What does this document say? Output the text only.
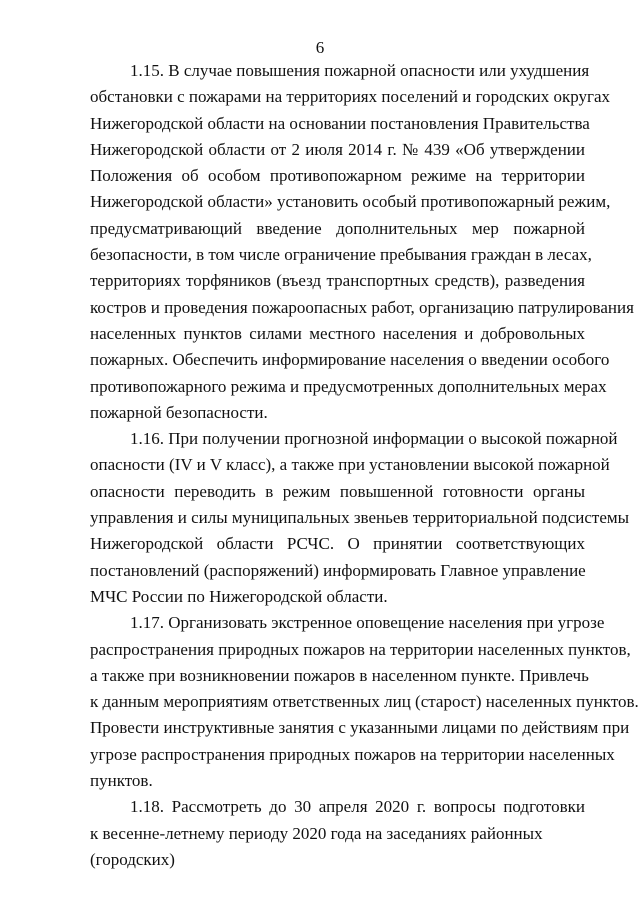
6
1.15. В случае повышения пожарной опасности или ухудшения
обстановки с пожарами на территориях поселений и городских округах
Нижегородской области на основании постановления Правительства
Нижегородской области от 2 июля 2014 г. № 439 «Об утверждении
Положения об особом противопожарном режиме на территории
Нижегородской области» установить особый противопожарный режим,
предусматривающий введение дополнительных мер пожарной
безопасности, в том числе ограничение пребывания граждан в лесах,
территориях торфяников (въезд транспортных средств), разведения
костров и проведения пожароопасных работ, организацию патрулирования
населенных пунктов силами местного населения и добровольных
пожарных. Обеспечить информирование населения о введении особого
противопожарного режима и предусмотренных дополнительных мерах
пожарной безопасности.
1.16. При получении прогнозной информации о высокой пожарной
опасности (IV и V класс), а также при установлении высокой пожарной
опасности переводить в режим повышенной готовности органы
управления и силы муниципальных звеньев территориальной подсистемы
Нижегородской области РСЧС. О принятии соответствующих
постановлений (распоряжений) информировать Главное управление
МЧС России по Нижегородской области.
1.17. Организовать экстренное оповещение населения при угрозе
распространения природных пожаров на территории населенных пунктов,
а также при возникновении пожаров в населенном пункте. Привлечь
к данным мероприятиям ответственных лиц (старост) населенных пунктов.
Провести инструктивные занятия с указанными лицами по действиям при
угрозе распространения природных пожаров на территории населенных
пунктов.
1.18. Рассмотреть до 30 апреля 2020 г. вопросы подготовки
к весенне-летнему периоду 2020 года на заседаниях районных (городских)
